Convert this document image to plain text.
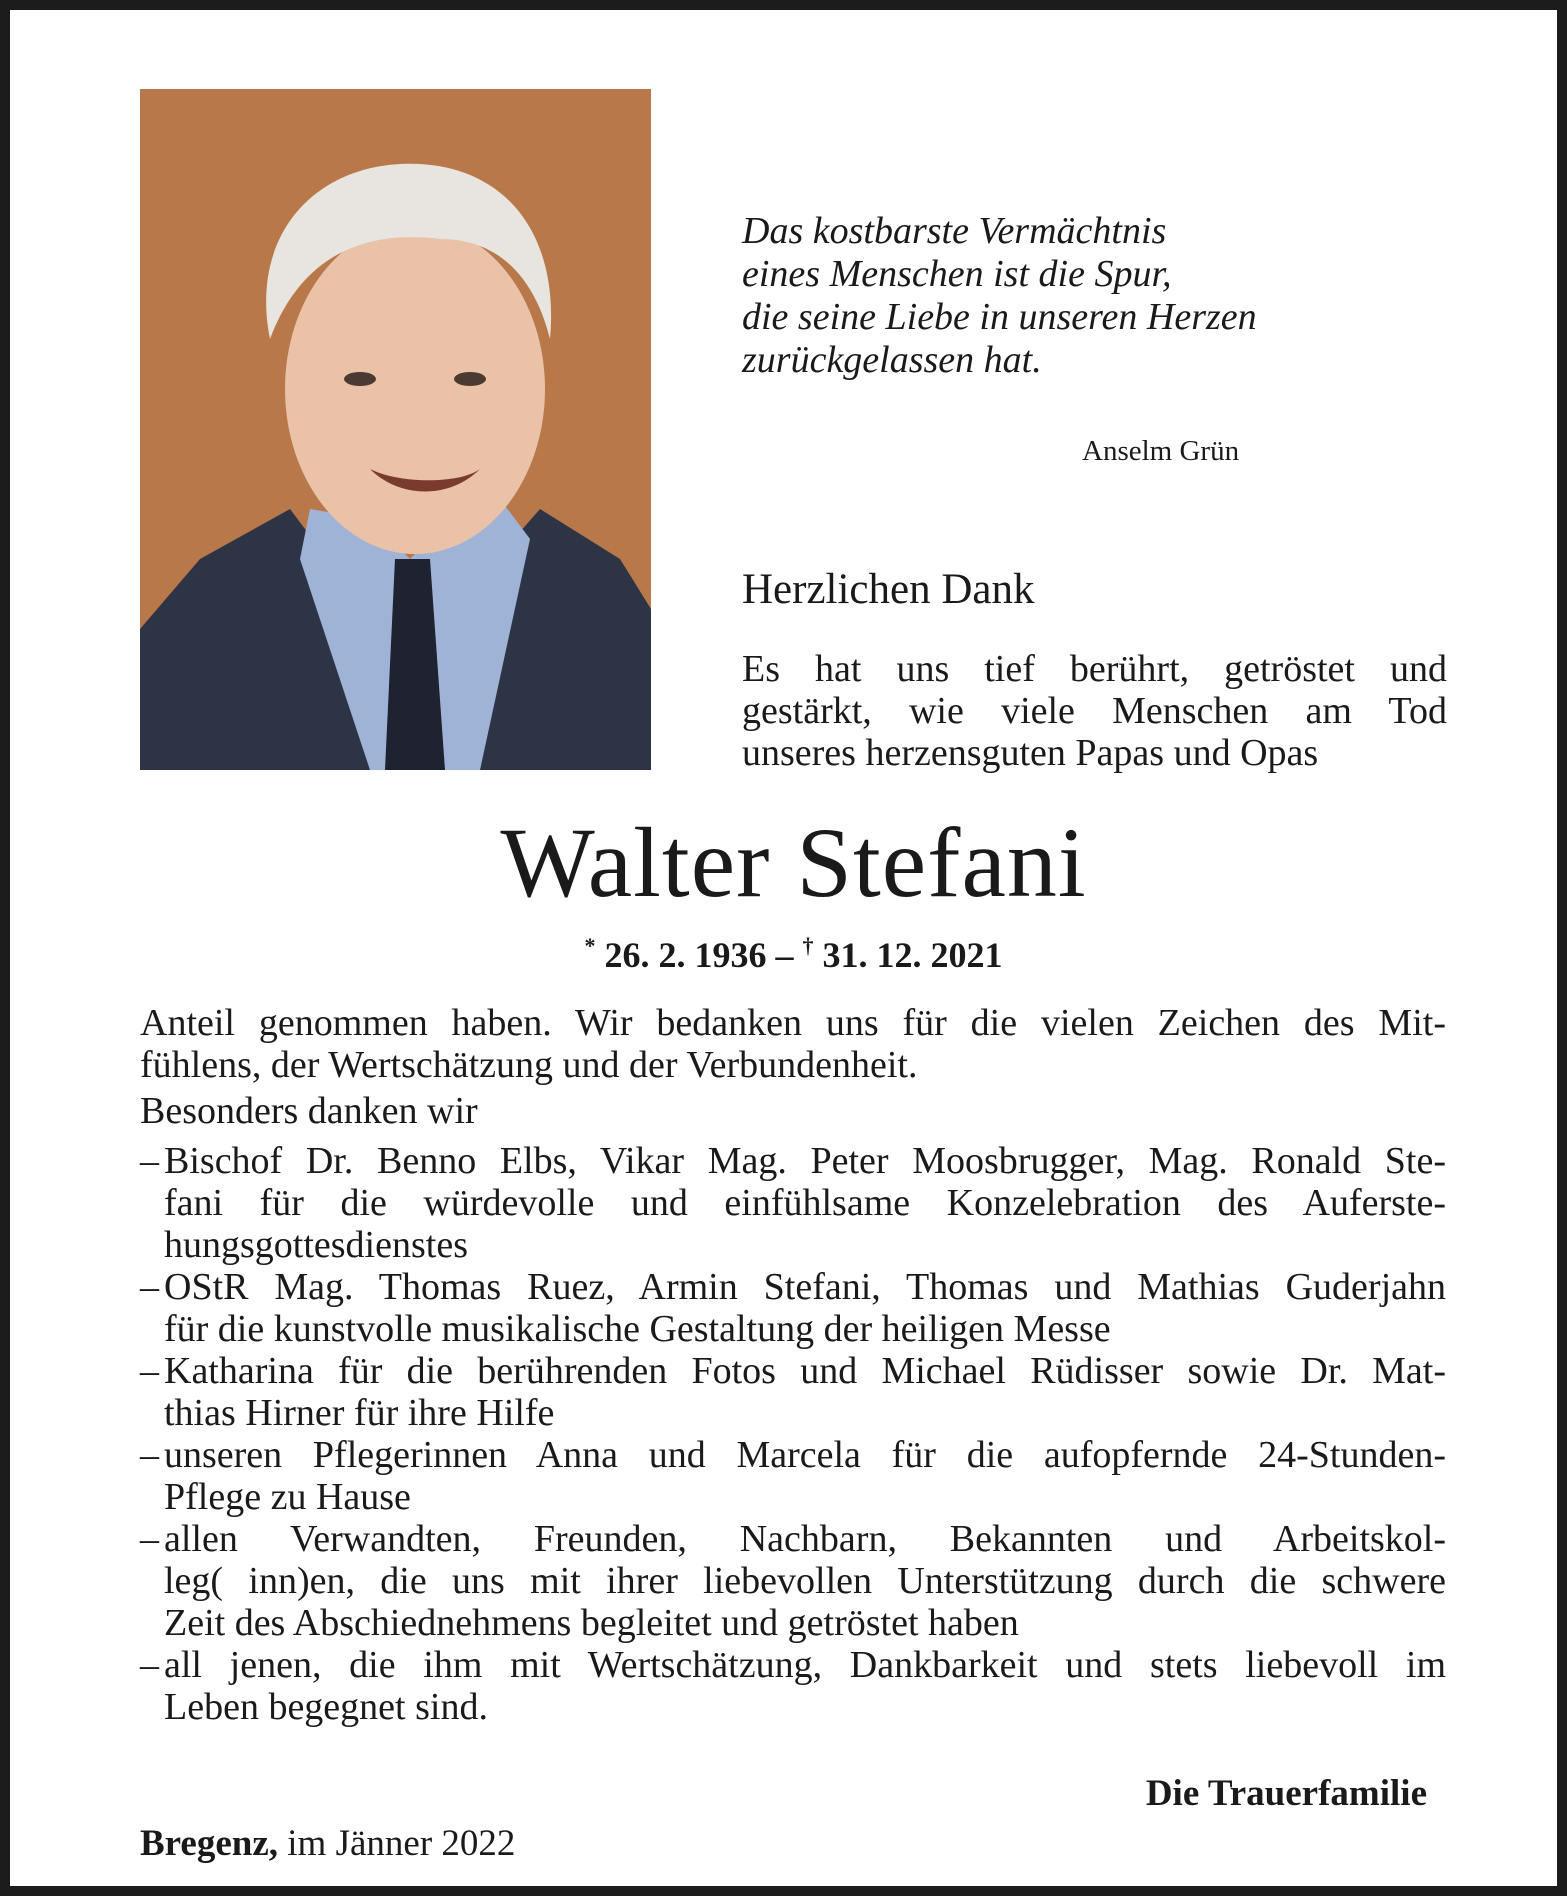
Das kostbarste Vermächtnis
eines Menschen ist die Spur,
die seine Liebe in unseren Herzen
zurückgelassen hat.
Anselm Grün
Herzlichen Dank
Es hat uns tief berührt, getröstet und
gestärkt, wie viele Menschen am Tod
unseres herzensguten Papas und Opas
Walter Stefani
* 26. 2. 1936 – † 31. 12. 2021
Anteil genommen haben. Wir bedanken uns für die vielen Zeichen des Mit-
fühlens, der Wertschätzung und der Verbundenheit.
Besonders danken wir
– Bischof Dr. Benno Elbs, Vikar Mag. Peter Moosbrugger, Mag. Ronald Ste-
fani für die würdevolle und einfühlsame Konzelebration des Auferste-
hungsgottesdienstes
– OStR Mag. Thomas Ruez, Armin Stefani, Thomas und Mathias Guderjahn
für die kunstvolle musikalische Gestaltung der heiligen Messe
– Katharina für die berührenden Fotos und Michael Rüdisser sowie Dr. Mat-
thias Hirner für ihre Hilfe
– unseren Pflegerinnen Anna und Marcela für die aufopfernde 24-Stunden-
Pflege zu Hause
– allen Verwandten, Freunden, Nachbarn, Bekannten und Arbeitskol-
leg( inn)en, die uns mit ihrer liebevollen Unterstützung durch die schwere
Zeit des Abschiednehmens begleitet und getröstet haben
– all jenen, die ihm mit Wertschätzung, Dankbarkeit und stets liebevoll im
Leben begegnet sind.
Die Trauerfamilie
Bregenz, im Jänner 2022
